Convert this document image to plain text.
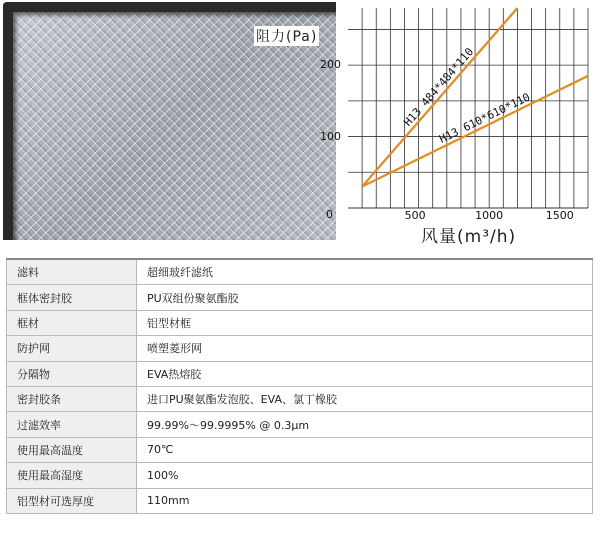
H13 484*484*110
H13 610*610*110
阻力(Pa)
风量(m³/h)
500	1000	1500
0
100
200
滤料	超细玻纤滤纸
框体密封胶	PU双组份聚氨酯胶
框材	铝型材框
防护网	喷塑菱形网
分隔物	EVA热熔胶
密封胶条	进口PU聚氨酯发泡胶、EVA、氯丁橡胶
过滤效率	99.99%～99.9995% @ 0.3μm
使用最高温度	70℃
使用最高湿度	100%
铝型材可选厚度	110mm
